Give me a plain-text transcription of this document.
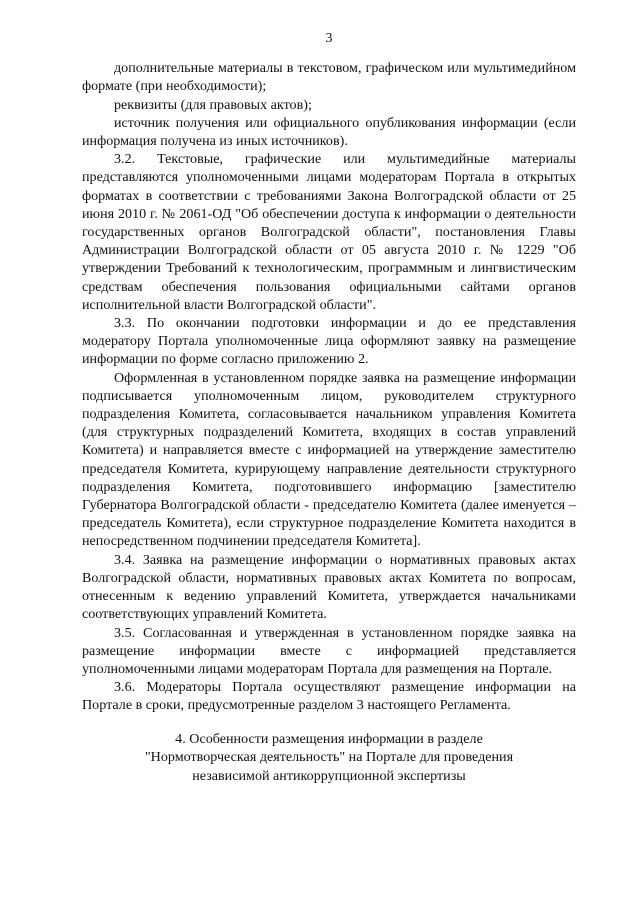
3

дополнительные материалы в текстовом, графическом или мультимедийном формате (при необходимости);

реквизиты (для правовых актов);

источник получения или официального опубликования информации (если информация получена из иных источников).

3.2. Текстовые, графические или мультимедийные материалы представляются уполномоченными лицами модераторам Портала в открытых форматах в соответствии с требованиями Закона Волгоградской области от 25 июня 2010 г. № 2061-ОД "Об обеспечении доступа к информации о деятельности государственных органов Волгоградской области", постановления Главы Администрации Волгоградской области от 05 августа 2010 г. № 1229 "Об утверждении Требований к технологическим, программным и лингвистическим средствам обеспечения пользования официальными сайтами органов исполнительной власти Волгоградской области".

3.3. По окончании подготовки информации и до ее представления модератору Портала уполномоченные лица оформляют заявку на размещение информации по форме согласно приложению 2.

Оформленная в установленном порядке заявка на размещение информации подписывается уполномоченным лицом, руководителем структурного подразделения Комитета, согласовывается начальником управления Комитета (для структурных подразделений Комитета, входящих в состав управлений Комитета) и направляется вместе с информацией на утверждение заместителю председателя Комитета, курирующему направление деятельности структурного подразделения Комитета, подготовившего информацию [заместителю Губернатора Волгоградской области - председателю Комитета (далее именуется – председатель Комитета), если структурное подразделение Комитета находится в непосредственном подчинении председателя Комитета].

3.4. Заявка на размещение информации о нормативных правовых актах Волгоградской области, нормативных правовых актах Комитета по вопросам, отнесенным к ведению управлений Комитета, утверждается начальниками соответствующих управлений Комитета.

3.5. Согласованная и утвержденная в установленном порядке заявка на размещение информации вместе с информацией представляется уполномоченными лицами модераторам Портала для размещения на Портале.

3.6. Модераторы Портала осуществляют размещение информации на Портале в сроки, предусмотренные разделом 3 настоящего Регламента.

4. Особенности размещения информации в разделе
"Нормотворческая деятельность" на Портале для проведения
независимой антикоррупционной экспертизы
